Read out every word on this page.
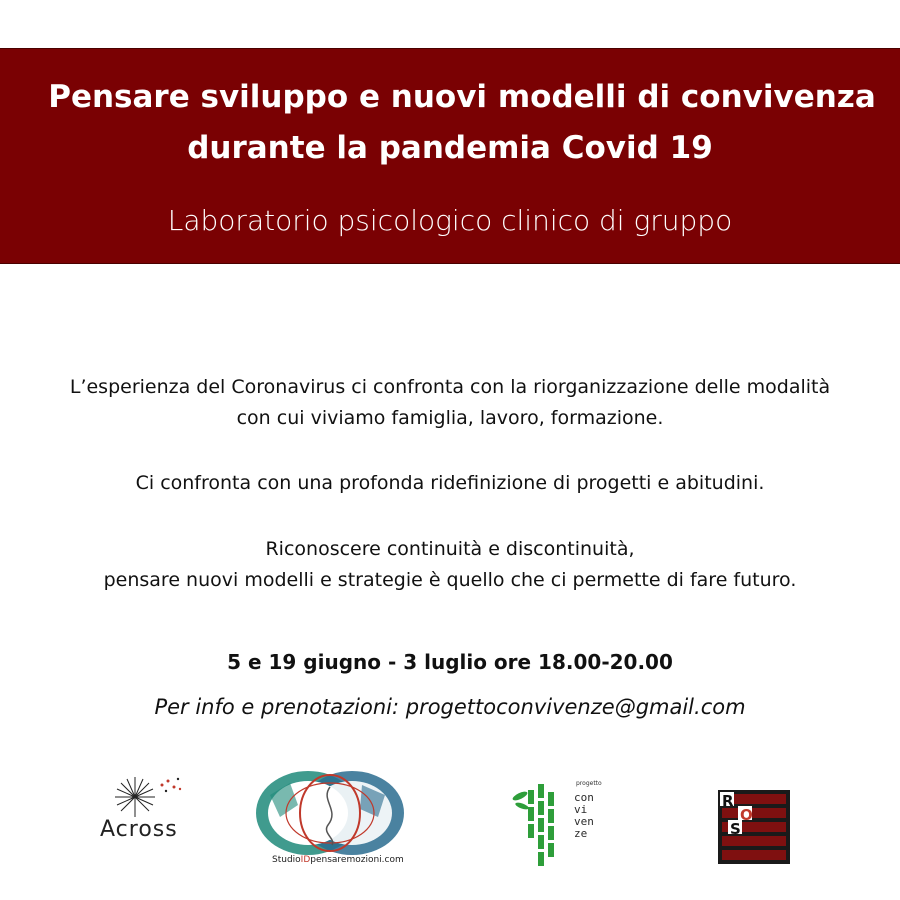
Pensare sviluppo e nuovi modelli di convivenza
durante la pandemia Covid 19
Laboratorio psicologico clinico di gruppo
L’esperienza del Coronavirus ci confronta con la riorganizzazione delle modalità
con cui viviamo famiglia, lavoro, formazione.
Ci confronta con una profonda ridefinizione di progetti e abitudini.
Riconoscere continuità e discontinuità,
pensare nuovi modelli e strategie è quello che ci permette di fare futuro.
5 e 19 giugno - 3 luglio ore 18.00-20.00
Per info e prenotazioni: progettoconvivenze@gmail.com
Across
StudioIDpensaremozioni.com
con
vi
ven
ze
progetto
R
O
S
